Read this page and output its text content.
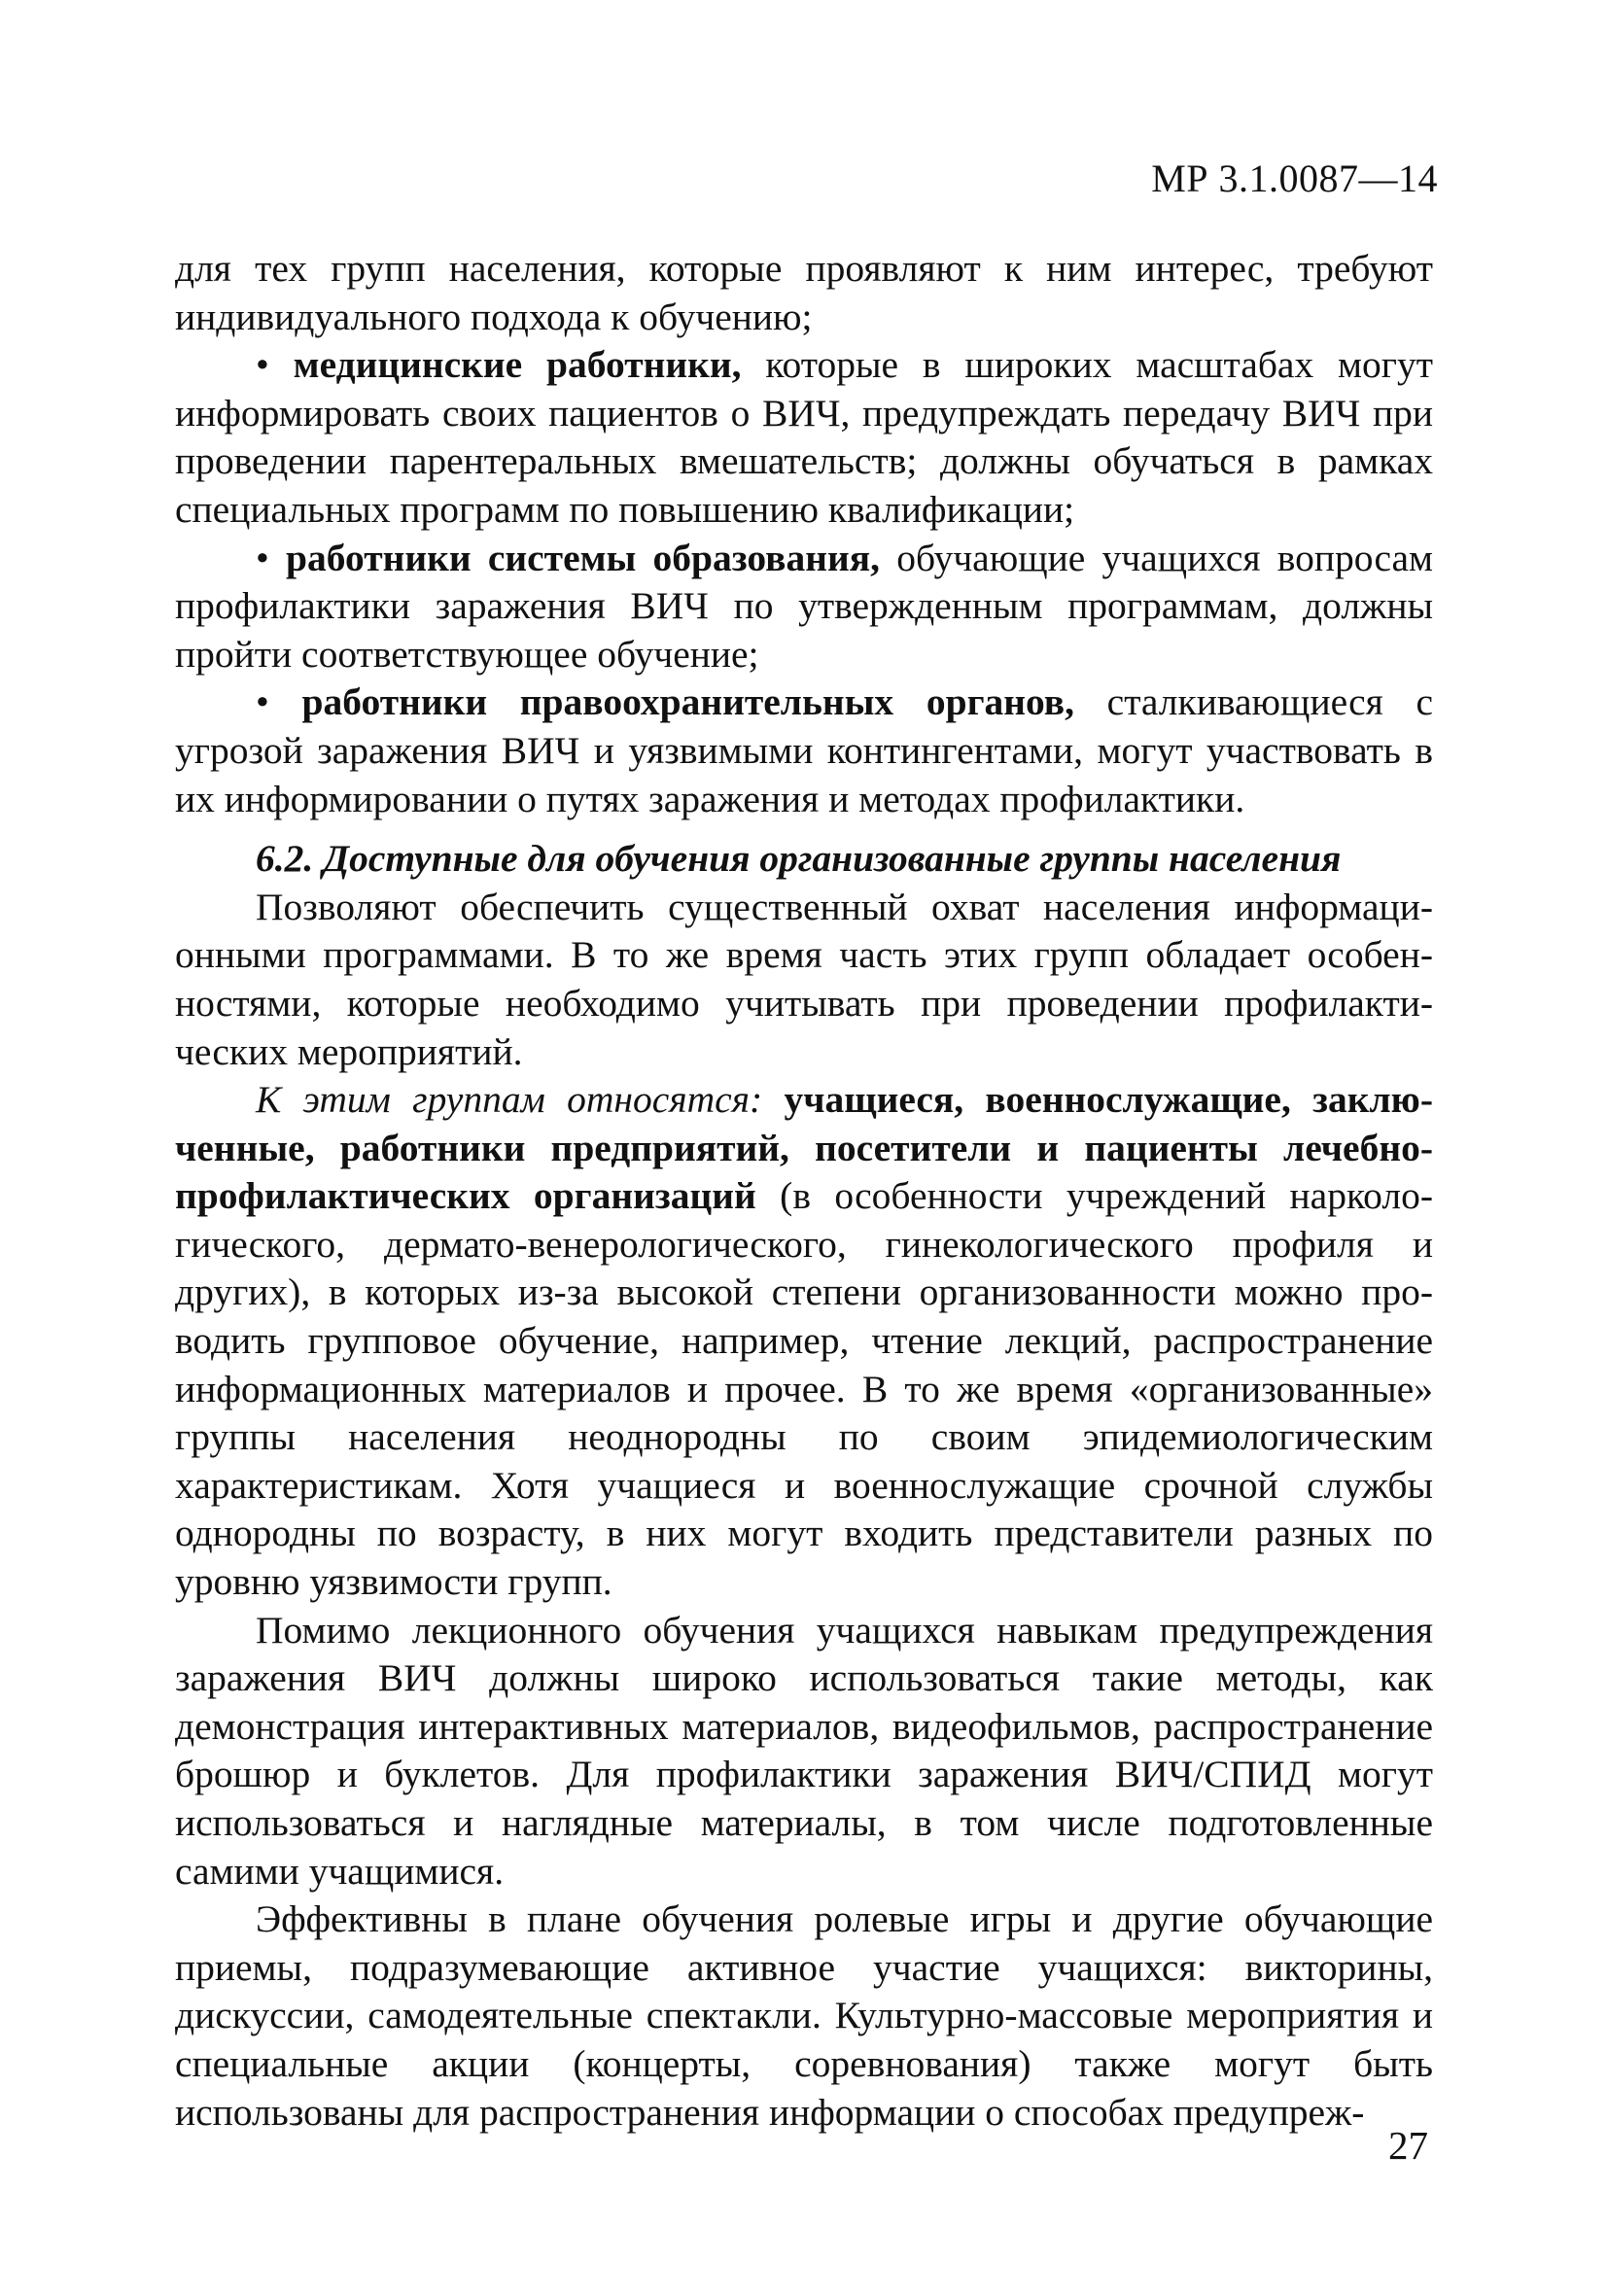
МР 3.1.0087—14

для тех групп населения, которые проявляют к ним интерес, требуют индивидуального подхода к обучению;

• медицинские работники, которые в широких масштабах могут информировать своих пациентов о ВИЧ, предупреждать передачу ВИЧ при проведении парентеральных вмешательств; должны обучаться в рамках специальных программ по повышению квалификации;

• работники системы образования, обучающие учащихся вопросам профилактики заражения ВИЧ по утвержденным программам, должны пройти соответствующее обучение;

• работники правоохранительных органов, сталкивающиеся с угрозой заражения ВИЧ и уязвимыми контингентами, могут участвовать в их информировании о путях заражения и методах профилактики.

6.2. Доступные для обучения организованные группы населения

Позволяют обеспечить существенный охват населения информационными программами. В то же время часть этих групп обладает особенностями, которые необходимо учитывать при проведении профилактических мероприятий.

К этим группам относятся: учащиеся, военнослужащие, заключенные, работники предприятий, посетители и пациенты лечебно-профилактических организаций (в особенности учреждений наркологического, дермато-венерологического, гинекологического профиля и других), в которых из-за высокой степени организованности можно проводить групповое обучение, например, чтение лекций, распространение информационных материалов и прочее. В то же время «организованные» группы населения неоднородны по своим эпидемиологическим характеристикам. Хотя учащиеся и военнослужащие срочной службы однородны по возрасту, в них могут входить представители разных по уровню уязвимости групп.

Помимо лекционного обучения учащихся навыкам предупреждения заражения ВИЧ должны широко использоваться такие методы, как демонстрация интерактивных материалов, видеофильмов, распространение брошюр и буклетов. Для профилактики заражения ВИЧ/СПИД могут использоваться и наглядные материалы, в том числе подготовленные самими учащимися.

Эффективны в плане обучения ролевые игры и другие обучающие приемы, подразумевающие активное участие учащихся: викторины, дискуссии, самодеятельные спектакли. Культурно-массовые мероприятия и специальные акции (концерты, соревнования) также могут быть использованы для распространения информации о способах предупреж-

27
